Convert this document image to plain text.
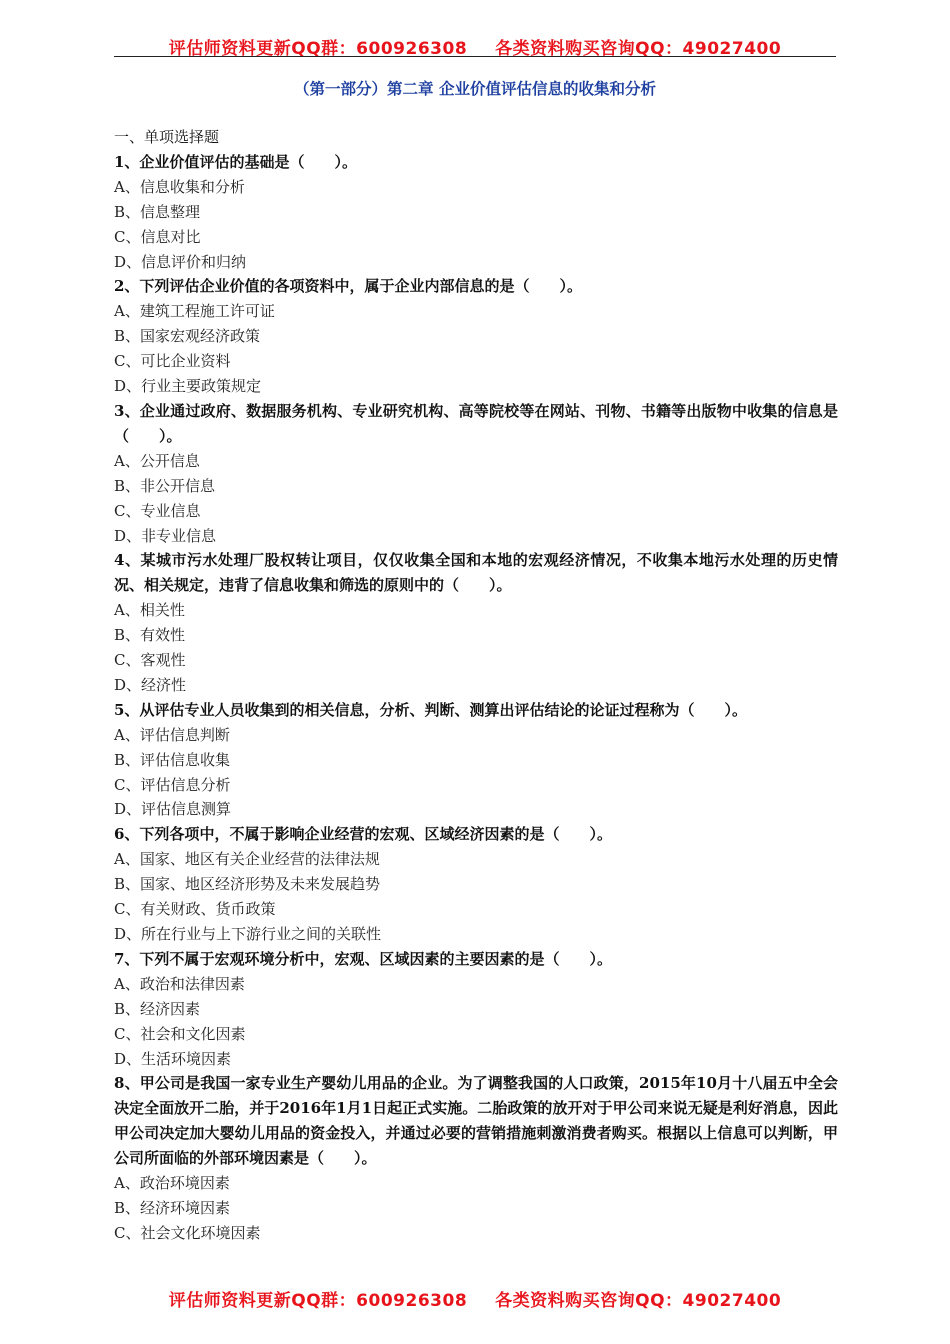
评估师资料更新QQ群：600926308 各类资料购买咨询QQ：49027400
（第一部分）第二章 企业价值评估信息的收集和分析
一、单项选择题
1、企业价值评估的基础是（　　）。
A、信息收集和分析
B、信息整理
C、信息对比
D、信息评价和归纳
2、下列评估企业价值的各项资料中，属于企业内部信息的是（　　）。
A、建筑工程施工许可证
B、国家宏观经济政策
C、可比企业资料
D、行业主要政策规定
3、企业通过政府、数据服务机构、专业研究机构、高等院校等在网站、刊物、书籍等出版物中收集的信息是（　　）。
A、公开信息
B、非公开信息
C、专业信息
D、非专业信息
4、某城市污水处理厂股权转让项目，仅仅收集全国和本地的宏观经济情况，不收集本地污水处理的历史情况、相关规定，违背了信息收集和筛选的原则中的（　　）。
A、相关性
B、有效性
C、客观性
D、经济性
5、从评估专业人员收集到的相关信息，分析、判断、测算出评估结论的论证过程称为（　　）。
A、评估信息判断
B、评估信息收集
C、评估信息分析
D、评估信息测算
6、下列各项中，不属于影响企业经营的宏观、区域经济因素的是（　　）。
A、国家、地区有关企业经营的法律法规
B、国家、地区经济形势及未来发展趋势
C、有关财政、货币政策
D、所在行业与上下游行业之间的关联性
7、下列不属于宏观环境分析中，宏观、区域因素的主要因素的是（　　）。
A、政治和法律因素
B、经济因素
C、社会和文化因素
D、生活环境因素
8、甲公司是我国一家专业生产婴幼儿用品的企业。为了调整我国的人口政策，2015年10月十八届五中全会决定全面放开二胎，并于2016年1月1日起正式实施。二胎政策的放开对于甲公司来说无疑是利好消息，因此甲公司决定加大婴幼儿用品的资金投入，并通过必要的营销措施刺激消费者购买。根据以上信息可以判断，甲公司所面临的外部环境因素是（　　）。
A、政治环境因素
B、经济环境因素
C、社会文化环境因素
评估师资料更新QQ群：600926308 各类资料购买咨询QQ：49027400
